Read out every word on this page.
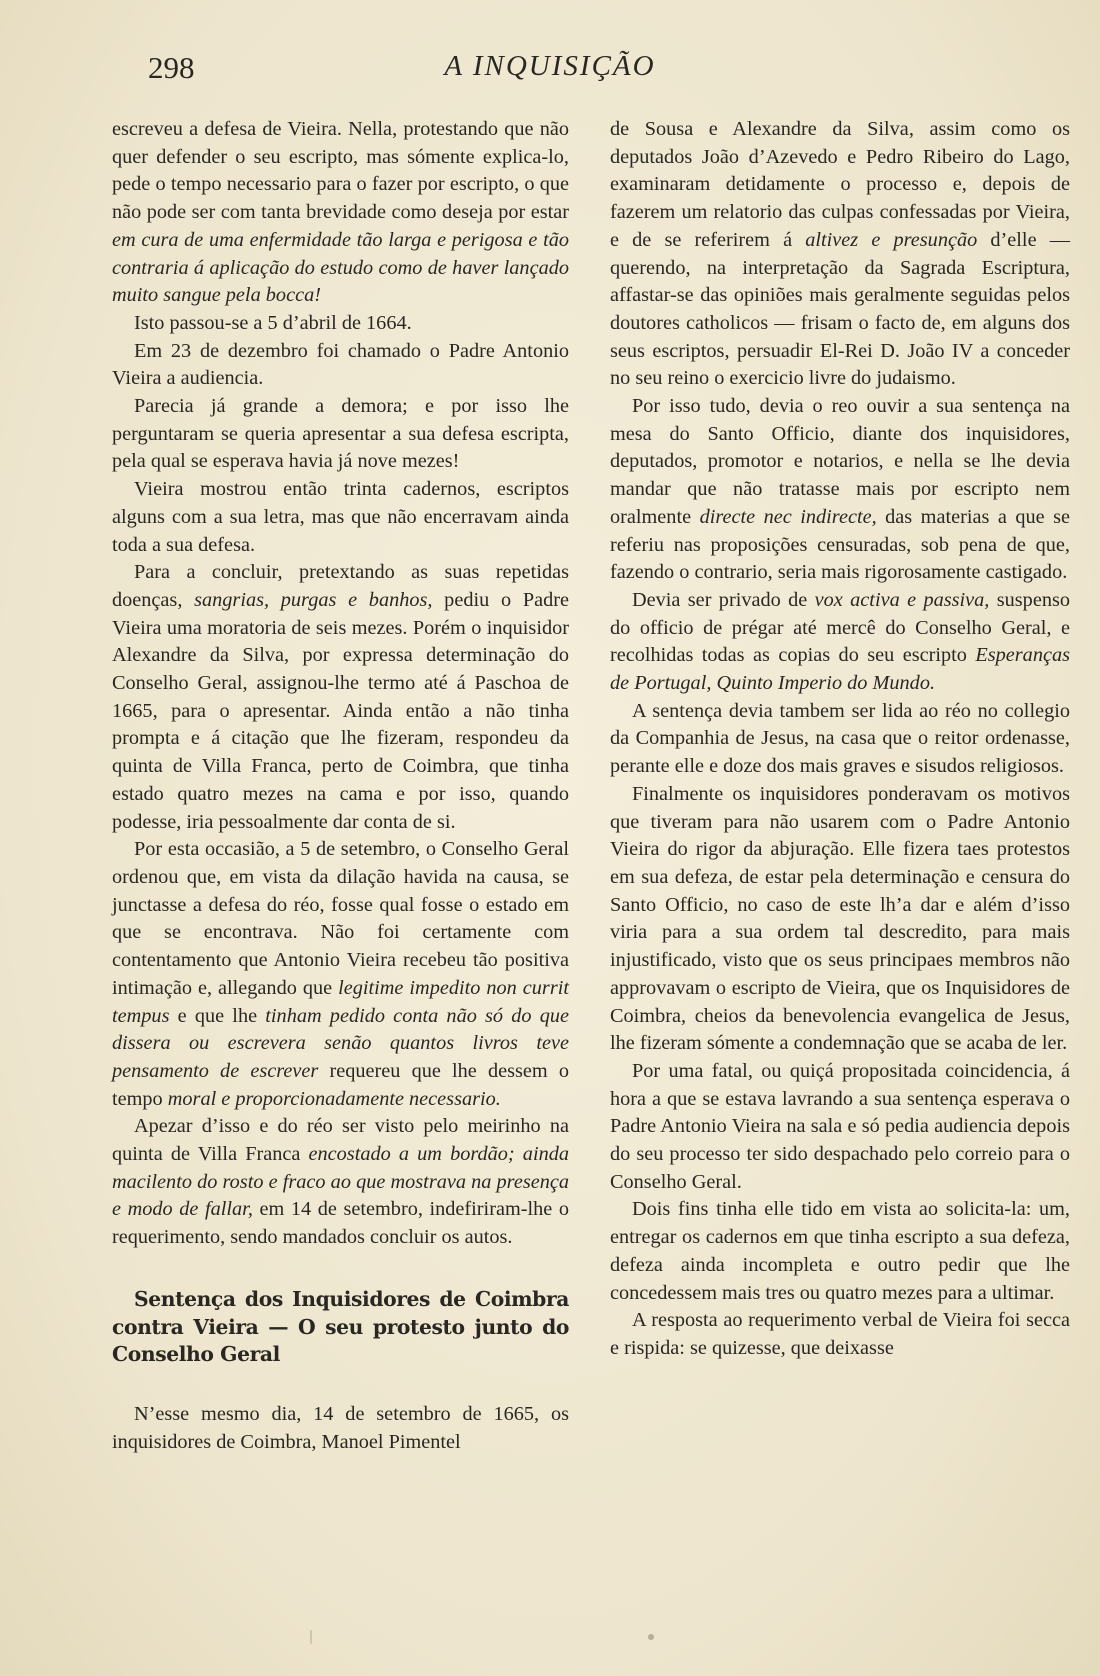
298	A INQUISIÇÃO

escreveu a defesa de Vieira. Nella, protestando que não quer defender o seu escripto, mas sómente explica-lo, pede o tempo necessario para o fazer por escripto, o que não pode ser com tanta brevidade como deseja por estar em cura de uma enfermidade tão larga e perigosa e tão contraria á aplicação do estudo como de haver lançado muito sangue pela bocca!

Isto passou-se a 5 d’abril de 1664.

Em 23 de dezembro foi chamado o Padre Antonio Vieira a audiencia.

Parecia já grande a demora; e por isso lhe perguntaram se queria apresentar a sua defesa escripta, pela qual se esperava havia já nove mezes!

Vieira mostrou então trinta cadernos, escriptos alguns com a sua letra, mas que não encerravam ainda toda a sua defesa.

Para a concluir, pretextando as suas repetidas doenças, sangrias, purgas e banhos, pediu o Padre Vieira uma moratoria de seis mezes. Porém o inquisidor Alexandre da Silva, por expressa determinação do Conselho Geral, assignou-lhe termo até á Paschoa de 1665, para o apresentar. Ainda então a não tinha prompta e á citação que lhe fizeram, respondeu da quinta de Villa Franca, perto de Coimbra, que tinha estado quatro mezes na cama e por isso, quando podesse, iria pessoalmente dar conta de si.

Por esta occasião, a 5 de setembro, o Conselho Geral ordenou que, em vista da dilação havida na causa, se junctasse a defesa do réo, fosse qual fosse o estado em que se encontrava. Não foi certamente com contentamento que Antonio Vieira recebeu tão positiva intimação e, allegando que legitime impedito non currit tempus e que lhe tinham pedido conta não só do que dissera ou escrevera senão quantos livros teve pensamento de escrever requereu que lhe dessem o tempo moral e proporcionadamente necessario.

Apezar d’isso e do réo ser visto pelo meirinho na quinta de Villa Franca encostado a um bordão; ainda macilento do rosto e fraco ao que mostrava na presença e modo de fallar, em 14 de setembro, indefiriram-lhe o requerimento, sendo mandados concluir os autos.

Sentença dos Inquisidores de Coimbra contra Vieira — O seu protesto junto do Conselho Geral

N’esse mesmo dia, 14 de setembro de 1665, os inquisidores de Coimbra, Manoel Pimentel

de Sousa e Alexandre da Silva, assim como os deputados João d’Azevedo e Pedro Ribeiro do Lago, examinaram detidamente o processo e, depois de fazerem um relatorio das culpas confessadas por Vieira, e de se referirem á altivez e presunção d’elle — querendo, na interpretação da Sagrada Escriptura, affastar-se das opiniões mais geralmente seguidas pelos doutores catholicos — frisam o facto de, em alguns dos seus escriptos, persuadir El-Rei D. João IV a conceder no seu reino o exercicio livre do judaismo.

Por isso tudo, devia o reo ouvir a sua sentença na mesa do Santo Officio, diante dos inquisidores, deputados, promotor e notarios, e nella se lhe devia mandar que não tratasse mais por escripto nem oralmente directe nec indirecte, das materias a que se referiu nas proposições censuradas, sob pena de que, fazendo o contrario, seria mais rigorosamente castigado.

Devia ser privado de vox activa e passiva, suspenso do officio de prégar até mercê do Conselho Geral, e recolhidas todas as copias do seu escripto Esperanças de Portugal, Quinto Imperio do Mundo.

A sentença devia tambem ser lida ao réo no collegio da Companhia de Jesus, na casa que o reitor ordenasse, perante elle e doze dos mais graves e sisudos religiosos.

Finalmente os inquisidores ponderavam os motivos que tiveram para não usarem com o Padre Antonio Vieira do rigor da abjuração. Elle fizera taes protestos em sua defeza, de estar pela determinação e censura do Santo Officio, no caso de este lh’a dar e além d’isso viria para a sua ordem tal descredito, para mais injustificado, visto que os seus principaes membros não approvavam o escripto de Vieira, que os Inquisidores de Coimbra, cheios da benevolencia evangelica de Jesus, lhe fizeram sómente a condemnação que se acaba de ler.

Por uma fatal, ou quiçá propositada coincidencia, á hora a que se estava lavrando a sua sentença esperava o Padre Antonio Vieira na sala e só pedia audiencia depois do seu processo ter sido despachado pelo correio para o Conselho Geral.

Dois fins tinha elle tido em vista ao solicita-la: um, entregar os cadernos em que tinha escripto a sua defeza, defeza ainda incompleta e outro pedir que lhe concedessem mais tres ou quatro mezes para a ultimar.

A resposta ao requerimento verbal de Vieira foi secca e rispida: se quizesse, que deixasse
